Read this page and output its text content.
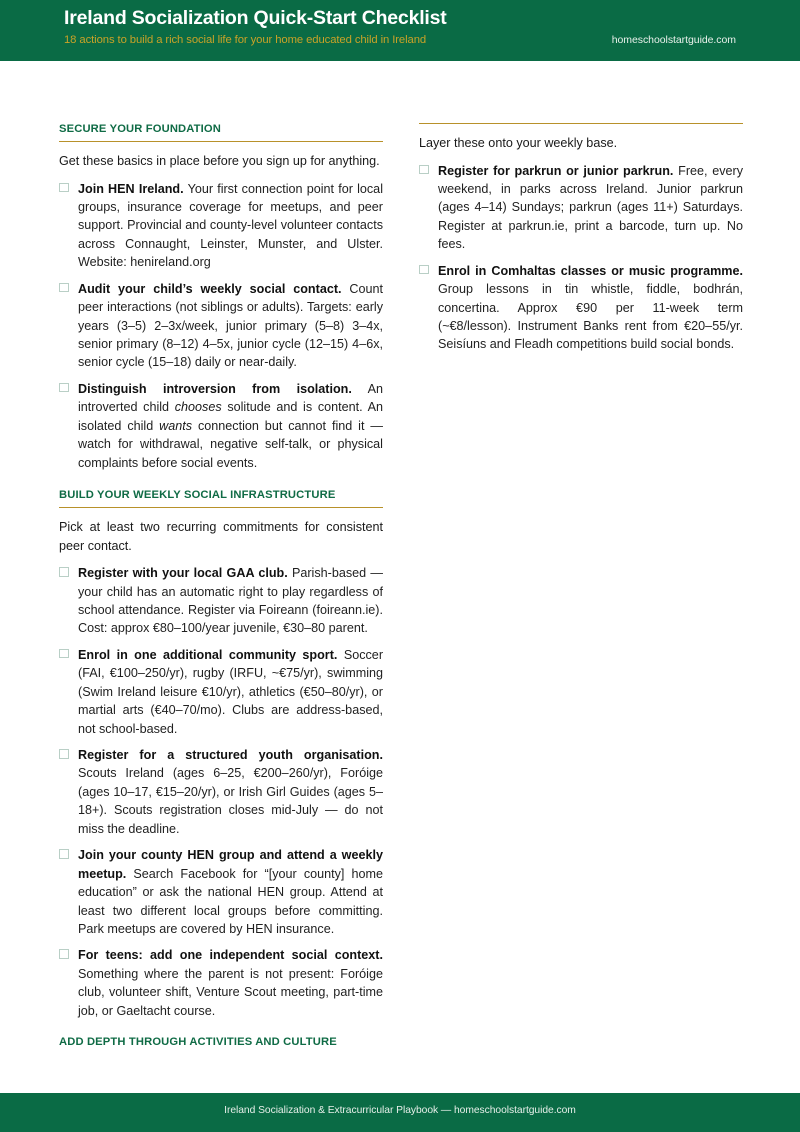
Ireland Socialization Quick-Start Checklist
18 actions to build a rich social life for your home educated child in Ireland	homeschoolstartguide.com
SECURE YOUR FOUNDATION

Get these basics in place before you sign up for anything.

Join HEN Ireland. Your first connection point for local groups, insurance coverage for meetups, and peer support. Provincial and county-level volunteer contacts across Connaught, Leinster, Munster, and Ulster. Website: henireland.org
Audit your child’s weekly social contact. Count peer interactions (not siblings or adults). Targets: early years (3–5) 2–3x/week, junior primary (5–8) 3–4x, senior primary (8–12) 4–5x, junior cycle (12–15) 4–6x, senior cycle (15–18) daily or near-daily.
Distinguish introversion from isolation. An introverted child chooses solitude and is content. An isolated child wants connection but cannot find it — watch for withdrawal, negative self-talk, or physical complaints before social events.
BUILD YOUR WEEKLY SOCIAL INFRASTRUCTURE

Pick at least two recurring commitments for consistent peer contact.

Register with your local GAA club. Parish-based — your child has an automatic right to play regardless of school attendance. Register via Foireann (foireann.ie). Cost: approx €80–100/year juvenile, €30–80 parent.
Enrol in one additional community sport. Soccer (FAI, €100–250/yr), rugby (IRFU, ~€75/yr), swimming (Swim Ireland leisure €10/yr), athletics (€50–80/yr), or martial arts (€40–70/mo). Clubs are address-based, not school-based.
Register for a structured youth organisation. Scouts Ireland (ages 6–25, €200–260/yr), Foróige (ages 10–17, €15–20/yr), or Irish Girl Guides (ages 5–18+). Scouts registration closes mid-July — do not miss the deadline.
Join your county HEN group and attend a weekly meetup. Search Facebook for “[your county] home education” or ask the national HEN group. Attend at least two different local groups before committing. Park meetups are covered by HEN insurance.
For teens: add one independent social context. Something where the parent is not present: Foróige club, volunteer shift, Venture Scout meeting, part-time job, or Gaeltacht course.
ADD DEPTH THROUGH ACTIVITIES AND CULTURE

Layer these onto your weekly base.

Register for parkrun or junior parkrun. Free, every weekend, in parks across Ireland. Junior parkrun (ages 4–14) Sundays; parkrun (ages 11+) Saturdays. Register at parkrun.ie, print a barcode, turn up. No fees.
Enrol in Comhaltas classes or music programme. Group lessons in tin whistle, fiddle, bodhrán, concertina. Approx €90 per 11-week term (~€8/lesson). Instrument Banks rent from €20–55/yr. Seisíuns and Fleadh competitions build social bonds.
Ireland Socialization & Extracurricular Playbook — homeschoolstartguide.com
